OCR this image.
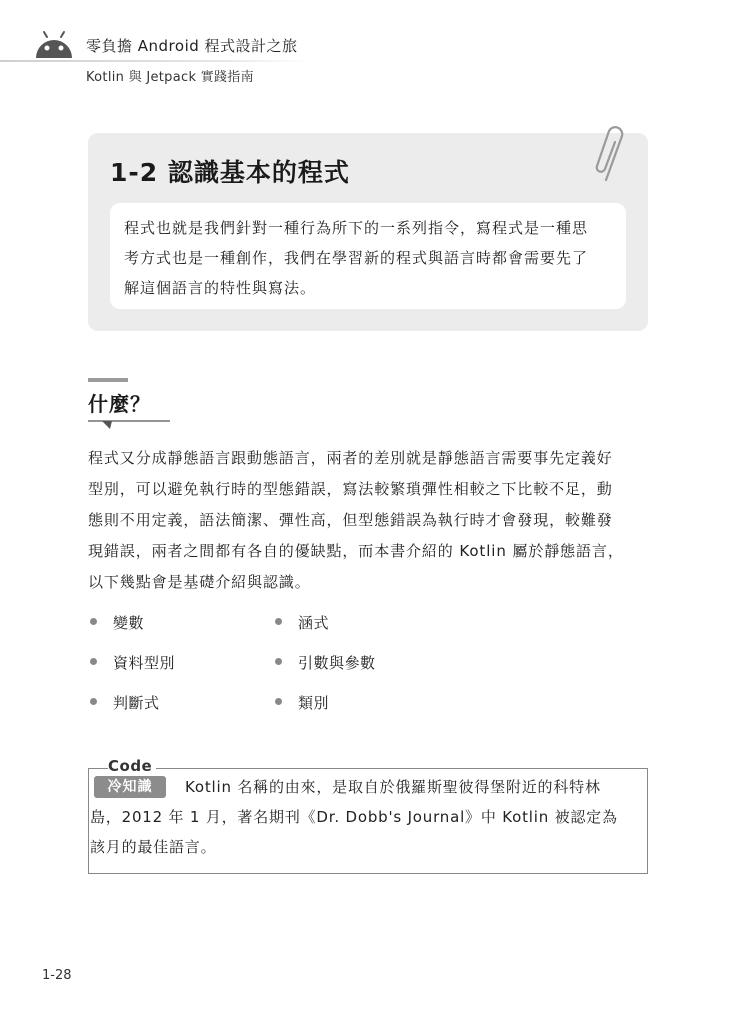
零負擔 Android 程式設計之旅
Kotlin 與 Jetpack 實踐指南
1-2 認識基本的程式
程式也就是我們針對一種行為所下的一系列指令，寫程式是一種思
考方式也是一種創作，我們在學習新的程式與語言時都會需要先了
解這個語言的特性與寫法。
什麼？
程式又分成靜態語言跟動態語言，兩者的差別就是靜態語言需要事先定義好
型別，可以避免執行時的型態錯誤，寫法較繁瑣彈性相較之下比較不足，動
態則不用定義，語法簡潔、彈性高，但型態錯誤為執行時才會發現，較難發
現錯誤，兩者之間都有各自的優缺點，而本書介紹的 Kotlin 屬於靜態語言，
以下幾點會是基礎介紹與認識。
變數	涵式
資料型別	引數與參數
判斷式	類別
Code
冷知識	Kotlin 名稱的由來，是取自於俄羅斯聖彼得堡附近的科特林
島，2012 年 1 月，著名期刊《Dr. Dobb's Journal》中 Kotlin 被認定為
該月的最佳語言。
1-28
